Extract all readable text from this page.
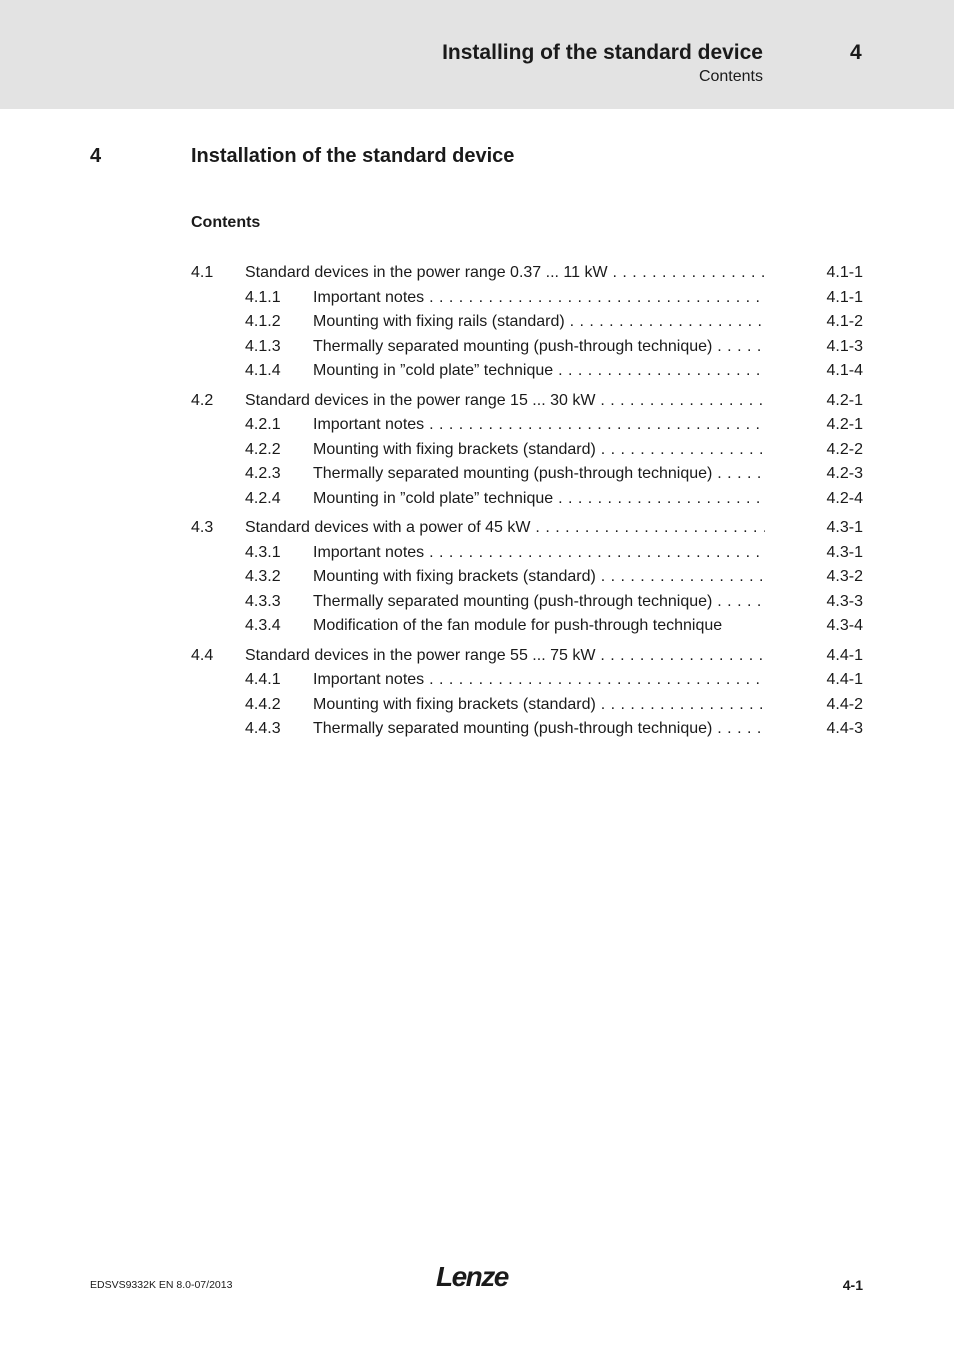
Installing of the standard device	4
Contents
4	Installation of the standard device
Contents
4.1 Standard devices in the power range 0.37 ... 11 kW . . .	4.1-1
4.1.1 Important notes . . .	4.1-1
4.1.2 Mounting with fixing rails (standard) . . .	4.1-2
4.1.3 Thermally separated mounting (push-through technique) . . .	4.1-3
4.1.4 Mounting in ”cold plate” technique . . .	4.1-4
4.2 Standard devices in the power range 15 ... 30 kW . . .	4.2-1
4.2.1 Important notes . . .	4.2-1
4.2.2 Mounting with fixing brackets (standard) . . .	4.2-2
4.2.3 Thermally separated mounting (push-through technique) . . .	4.2-3
4.2.4 Mounting in ”cold plate” technique . . .	4.2-4
4.3 Standard devices with a power of 45 kW . . .	4.3-1
4.3.1 Important notes . . .	4.3-1
4.3.2 Mounting with fixing brackets (standard) . . .	4.3-2
4.3.3 Thermally separated mounting (push-through technique) . . .	4.3-3
4.3.4 Modification of the fan module for push-through technique	4.3-4
4.4 Standard devices in the power range 55 ... 75 kW . . .	4.4-1
4.4.1 Important notes . . .	4.4-1
4.4.2 Mounting with fixing brackets (standard) . . .	4.4-2
4.4.3 Thermally separated mounting (push-through technique) . . .	4.4-3
EDSVS9332K EN 8.0-07/2013	Lenze	4-1
